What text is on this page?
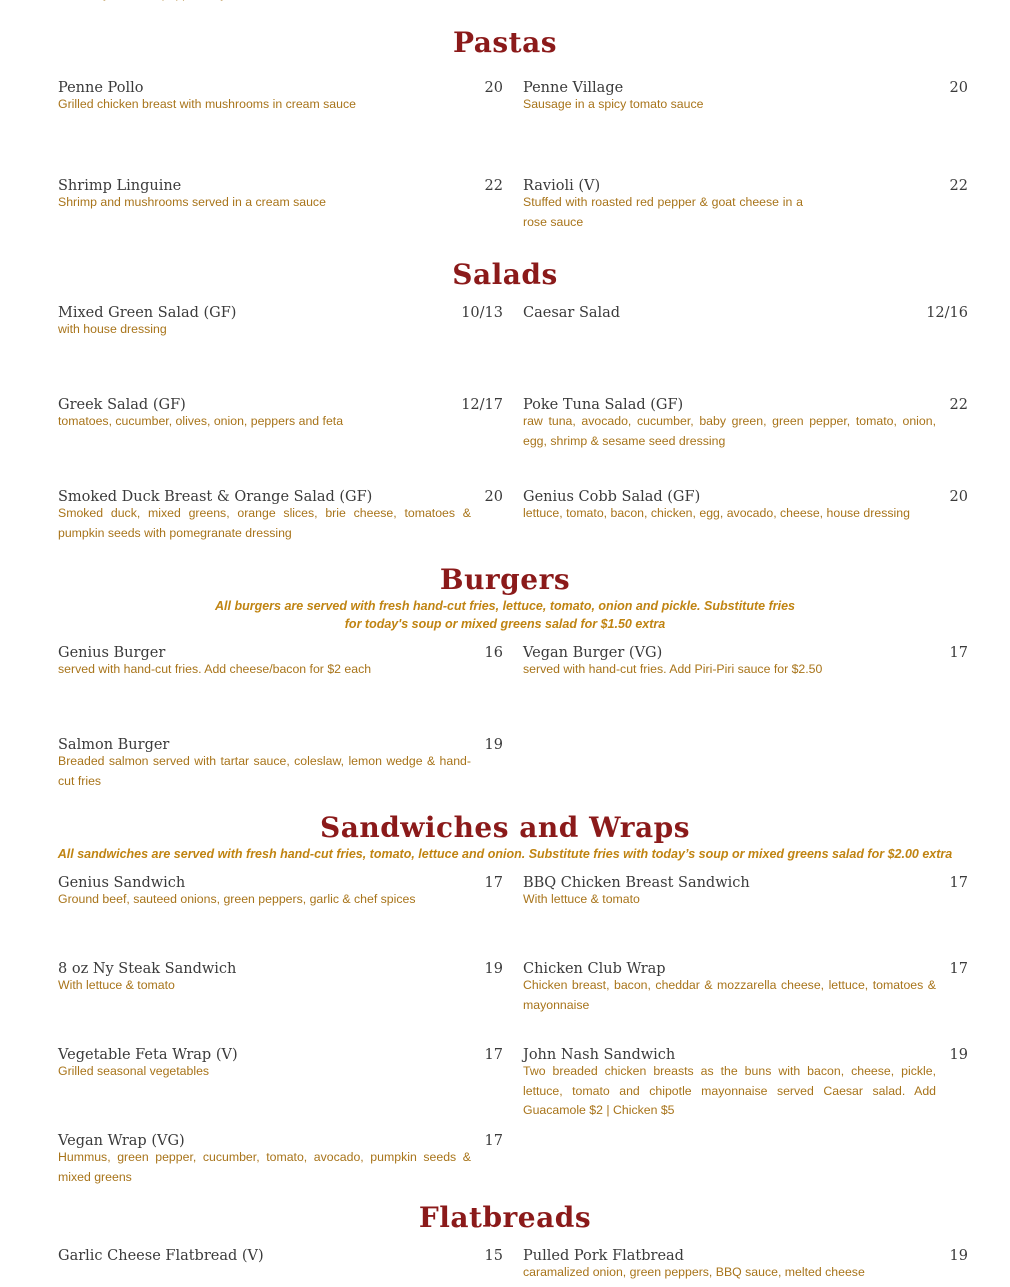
Pastas
Penne Pollo	20
Grilled chicken breast with mushrooms in cream sauce
Penne Village	20
Sausage in a spicy tomato sauce
Shrimp Linguine	22
Shrimp and mushrooms served in a cream sauce
Ravioli (V)	22
Stuffed with roasted red pepper & goat cheese in a rose sauce
Salads
Mixed Green Salad (GF)	10/13
with house dressing
Caesar Salad	12/16
Greek Salad (GF)	12/17
tomatoes, cucumber, olives, onion, peppers and feta
Poke Tuna Salad (GF)	22
raw tuna, avocado, cucumber, baby green, green pepper, tomato, onion, egg, shrimp & sesame seed dressing
Smoked Duck Breast & Orange Salad (GF)	20
Smoked duck, mixed greens, orange slices, brie cheese, tomatoes & pumpkin seeds with pomegranate dressing
Genius Cobb Salad (GF)	20
lettuce, tomato, bacon, chicken, egg, avocado, cheese, house dressing
Burgers
All burgers are served with fresh hand-cut fries, lettuce, tomato, onion and pickle. Substitute fries
for today's soup or mixed greens salad for $1.50 extra
Genius Burger	16
served with hand-cut fries. Add cheese/bacon for $2 each
Vegan Burger (VG)	17
served with hand-cut fries. Add Piri-Piri sauce for $2.50
Salmon Burger	19
Breaded salmon served with tartar sauce, coleslaw, lemon wedge & hand-cut fries
Sandwiches and Wraps
All sandwiches are served with fresh hand-cut fries, tomato, lettuce and onion. Substitute fries with today’s soup or mixed greens salad for $2.00 extra
Genius Sandwich	17
Ground beef, sauteed onions, green peppers, garlic & chef spices
BBQ Chicken Breast Sandwich	17
With lettuce & tomato
8 oz Ny Steak Sandwich	19
With lettuce & tomato
Chicken Club Wrap	17
Chicken breast, bacon, cheddar & mozzarella cheese, lettuce, tomatoes & mayonnaise
Vegetable Feta Wrap (V)	17
Grilled seasonal vegetables
John Nash Sandwich	19
Two breaded chicken breasts as the buns with bacon, cheese, pickle, lettuce, tomato and chipotle mayonnaise served Caesar salad. Add Guacamole $2 | Chicken $5
Vegan Wrap (VG)	17
Hummus, green pepper, cucumber, tomato, avocado, pumpkin seeds & mixed greens
Flatbreads
Garlic Cheese Flatbread (V)	15 Pulled Pork Flatbread	19
caramalized onion, green peppers, BBQ sauce, melted cheese
